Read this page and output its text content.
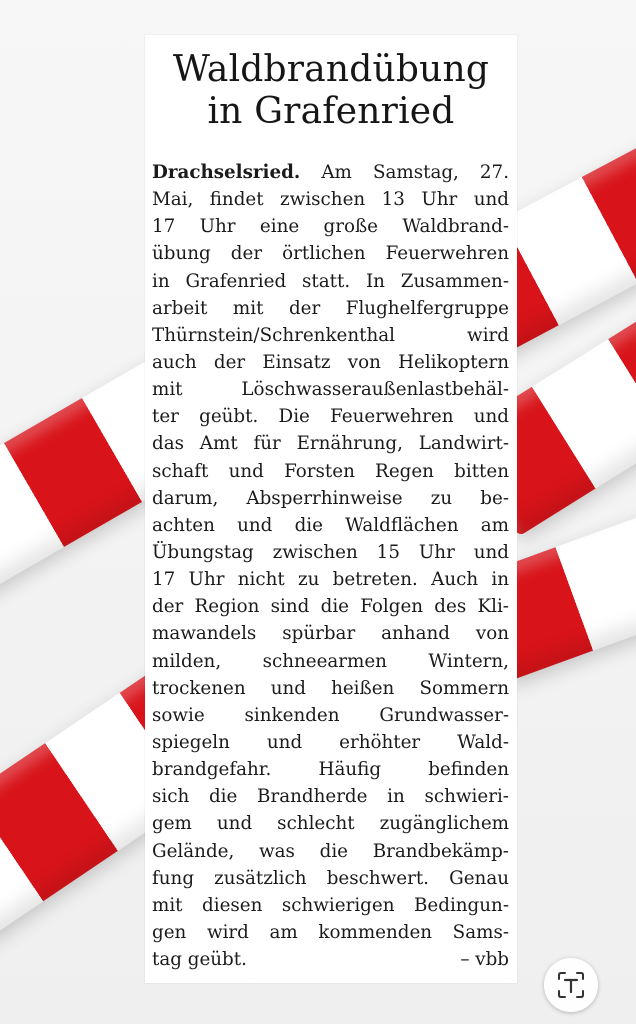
Waldbrandübung
in Grafenried
Drachselsried. Am Samstag, 27.
Mai, findet zwischen 13 Uhr und
17 Uhr eine große Waldbrand-
übung der örtlichen Feuerwehren
in Grafenried statt. In Zusammen-
arbeit mit der Flughelfergruppe
Thürnstein/Schrenkenthal wird
auch der Einsatz von Helikoptern
mit Löschwasseraußenlastbehäl-
ter geübt. Die Feuerwehren und
das Amt für Ernährung, Landwirt-
schaft und Forsten Regen bitten
darum, Absperrhinweise zu be-
achten und die Waldflächen am
Übungstag zwischen 15 Uhr und
17 Uhr nicht zu betreten. Auch in
der Region sind die Folgen des Kli-
mawandels spürbar anhand von
milden, schneearmen Wintern,
trockenen und heißen Sommern
sowie sinkenden Grundwasser-
spiegeln und erhöhter Wald-
brandgefahr. Häufig befinden
sich die Brandherde in schwieri-
gem und schlecht zugänglichem
Gelände, was die Brandbekämp-
fung zusätzlich beschwert. Genau
mit diesen schwierigen Bedingun-
gen wird am kommenden Sams-
tag geübt.	– vbb
